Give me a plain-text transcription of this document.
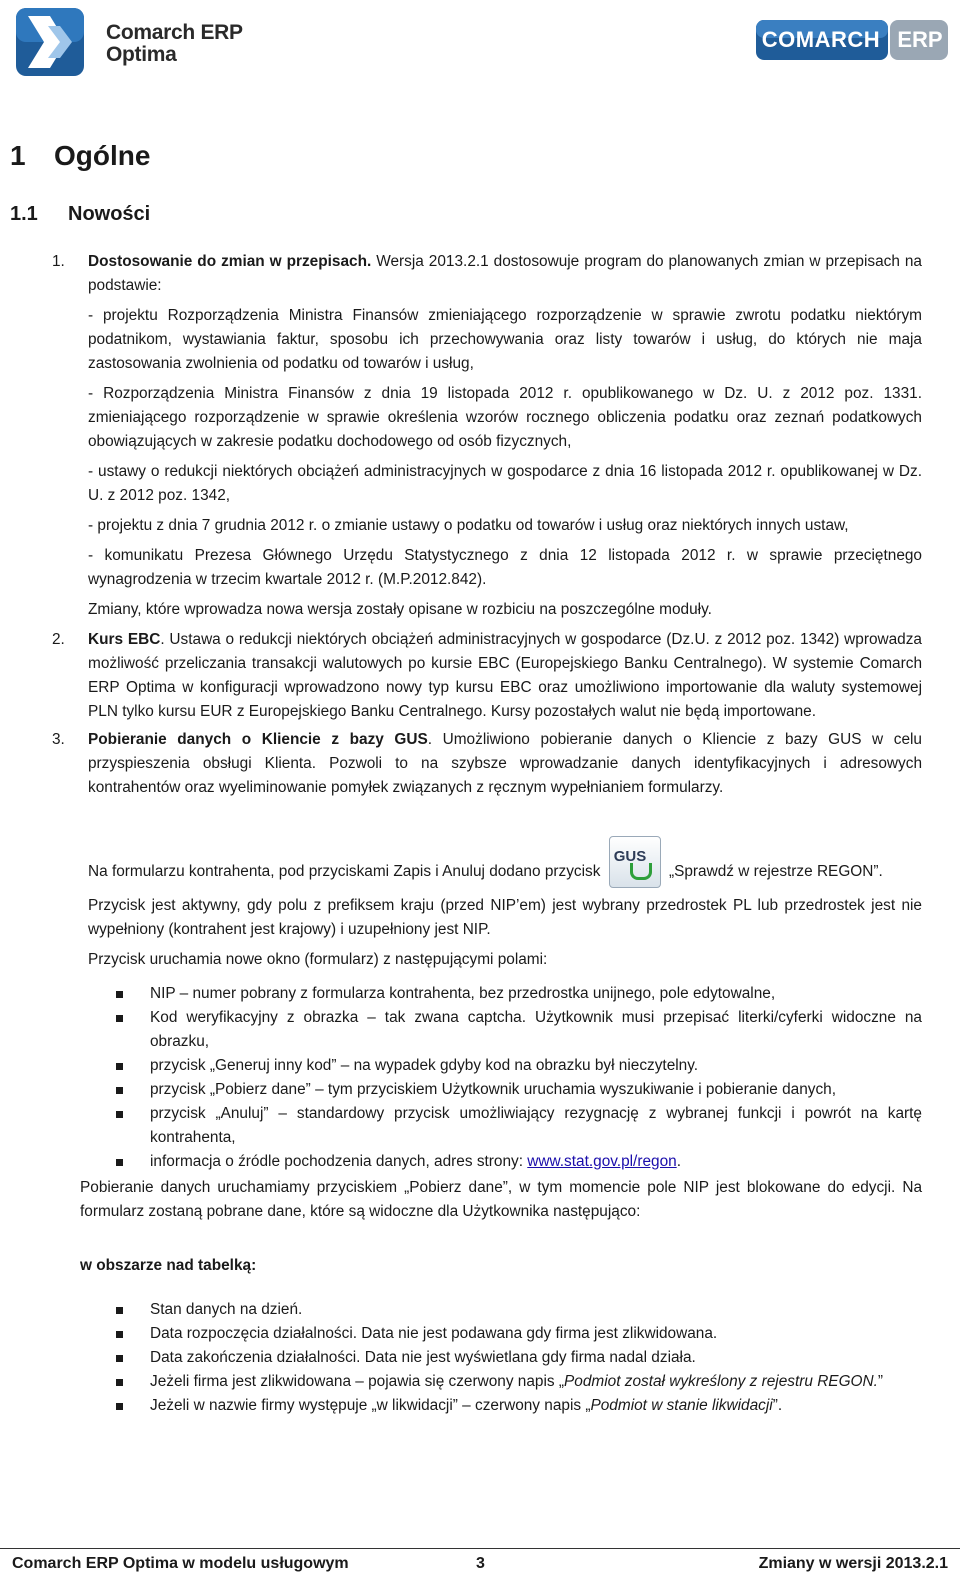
Comarch ERP
Optima
COMARCH ERP
1 Ogólne
1.1 Nowości
1. Dostosowanie do zmian w przepisach. Wersja 2013.2.1 dostosowuje program do planowanych zmian w przepisach na podstawie:
- projektu Rozporządzenia Ministra Finansów zmieniającego rozporządzenie w sprawie zwrotu podatku niektórym podatnikom, wystawiania faktur, sposobu ich przechowywania oraz listy towarów i usług, do których nie maja zastosowania zwolnienia od podatku od towarów i usług,
- Rozporządzenia Ministra Finansów z dnia 19 listopada 2012 r. opublikowanego w Dz. U. z 2012 poz. 1331. zmieniającego rozporządzenie w sprawie określenia wzorów rocznego obliczenia podatku oraz zeznań podatkowych obowiązujących w zakresie podatku dochodowego od osób fizycznych,
- ustawy o redukcji niektórych obciążeń administracyjnych w gospodarce z dnia 16 listopada 2012 r. opublikowanej w Dz. U. z 2012 poz. 1342,
- projektu z dnia 7 grudnia 2012 r. o zmianie ustawy o podatku od towarów i usług oraz niektórych innych ustaw,
- komunikatu Prezesa Głównego Urzędu Statystycznego z dnia 12 listopada 2012 r. w sprawie przeciętnego wynagrodzenia w trzecim kwartale 2012 r. (M.P.2012.842).
Zmiany, które wprowadza nowa wersja zostały opisane w rozbiciu na poszczególne moduły.
2. Kurs EBC. Ustawa o redukcji niektórych obciążeń administracyjnych w gospodarce (Dz.U. z 2012 poz. 1342) wprowadza możliwość przeliczania transakcji walutowych po kursie EBC (Europejskiego Banku Centralnego). W systemie Comarch ERP Optima w konfiguracji wprowadzono nowy typ kursu EBC oraz umożliwiono importowanie dla waluty systemowej PLN tylko kursu EUR z Europejskiego Banku Centralnego. Kursy pozostałych walut nie będą importowane.
3. Pobieranie danych o Kliencie z bazy GUS. Umożliwiono pobieranie danych o Kliencie z bazy GUS w celu przyspieszenia obsługi Klienta. Pozwoli to na szybsze wprowadzanie danych identyfikacyjnych i adresowych kontrahentów oraz wyeliminowanie pomyłek związanych z ręcznym wypełnianiem formularzy.
Na formularzu kontrahenta, pod przyciskami Zapis i Anuluj dodano przycisk
GUS
„Sprawdź w rejestrze REGON”.
Przycisk jest aktywny, gdy polu z prefiksem kraju (przed NIP’em) jest wybrany przedrostek PL lub przedrostek jest nie wypełniony (kontrahent jest krajowy) i uzupełniony jest NIP.
Przycisk uruchamia nowe okno (formularz) z następującymi polami:
NIP – numer pobrany z formularza kontrahenta, bez przedrostka unijnego, pole edytowalne,
Kod weryfikacyjny z obrazka – tak zwana captcha. Użytkownik musi przepisać literki/cyferki widoczne na obrazku,
przycisk „Generuj inny kod” – na wypadek gdyby kod na obrazku był nieczytelny.
przycisk „Pobierz dane” – tym przyciskiem Użytkownik uruchamia wyszukiwanie i pobieranie danych,
przycisk „Anuluj” – standardowy przycisk umożliwiający rezygnację z wybranej funkcji i powrót na kartę kontrahenta,
informacja o źródle pochodzenia danych, adres strony: www.stat.gov.pl/regon.
Pobieranie danych uruchamiamy przyciskiem „Pobierz dane”, w tym momencie pole NIP jest blokowane do edycji. Na formularz zostaną pobrane dane, które są widoczne dla Użytkownika następująco:
w obszarze nad tabelką:
Stan danych na dzień.
Data rozpoczęcia działalności. Data nie jest podawana gdy firma jest zlikwidowana.
Data zakończenia działalności. Data nie jest wyświetlana gdy firma nadal działa.
Jeżeli firma jest zlikwidowana – pojawia się czerwony napis „Podmiot został wykreślony z rejestru REGON.”
Jeżeli w nazwie firmy występuje „w likwidacji” – czerwony napis „Podmiot w stanie likwidacji”.
Comarch ERP Optima w modelu usługowym	3	Zmiany w wersji 2013.2.1
